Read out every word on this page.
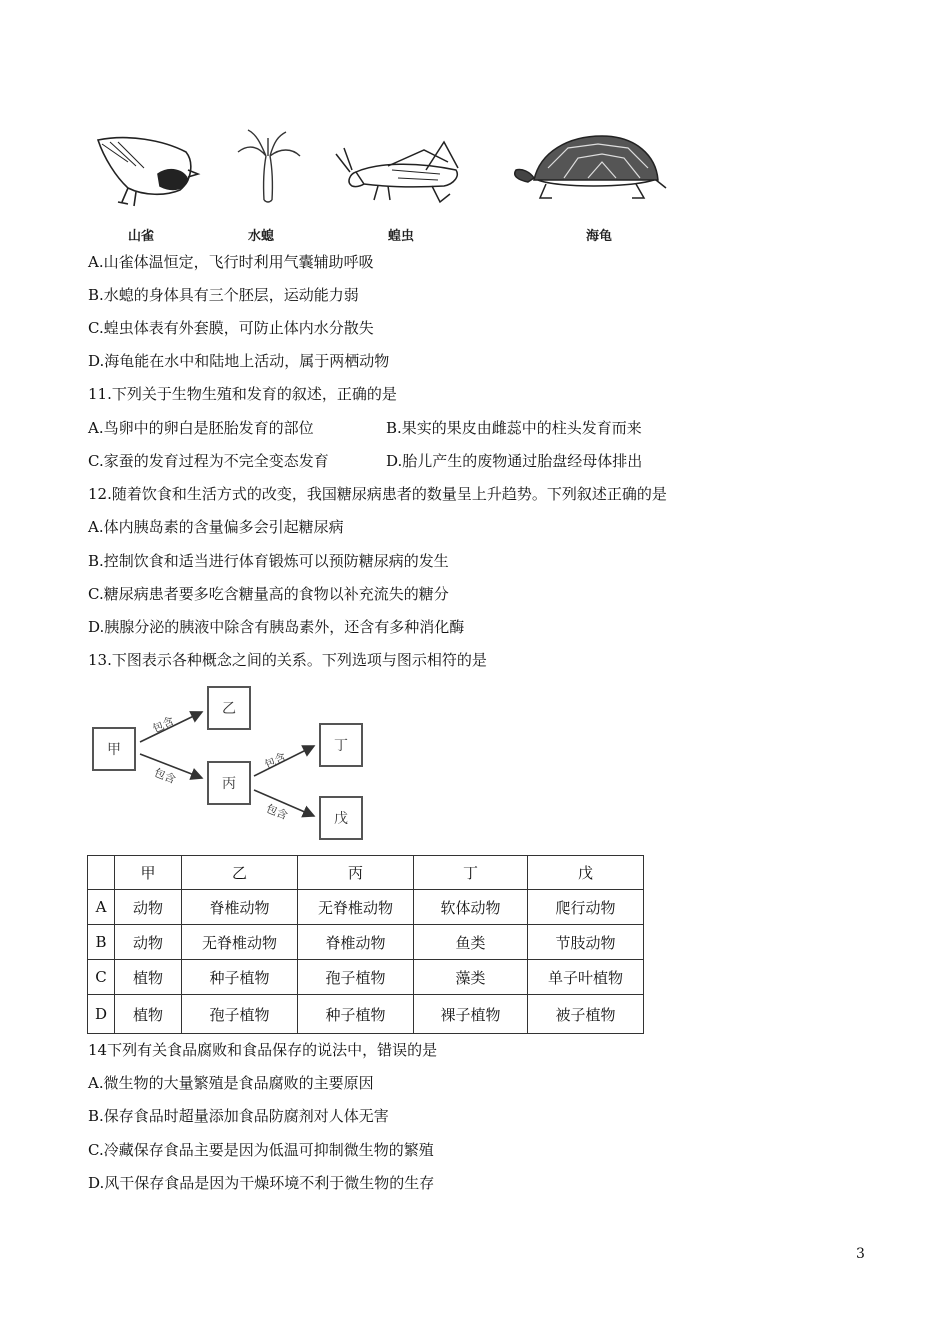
山雀	水螅	蝗虫	海龟
A.山雀体温恒定，飞行时利用气囊辅助呼吸
B.水螅的身体具有三个胚层，运动能力弱
C.蝗虫体表有外套膜，可防止体内水分散失
D.海龟能在水中和陆地上活动，属于两栖动物
11.下列关于生物生殖和发育的叙述，正确的是
A.鸟卵中的卵白是胚胎发育的部位	B.果实的果皮由雌蕊中的柱头发育而来
C.家蚕的发育过程为不完全变态发育	D.胎儿产生的废物通过胎盘经母体排出
12.随着饮食和生活方式的改变，我国糖尿病患者的数量呈上升趋势。下列叙述正确的是
A.体内胰岛素的含量偏多会引起糖尿病
B.控制饮食和适当进行体育锻炼可以预防糖尿病的发生
C.糖尿病患者要多吃含糖量高的食物以补充流失的糖分
D.胰腺分泌的胰液中除含有胰岛素外，还含有多种消化酶
13.下图表示各种概念之间的关系。下列选项与图示相符的是
甲
乙
丙
丁
戊
包含
包含
包含
包含
	甲	乙	丙	丁	戊
A	动物	脊椎动物	无脊椎动物	软体动物	爬行动物
B	动物	无脊椎动物	脊椎动物	鱼类	节肢动物
C	植物	种子植物	孢子植物	藻类	单子叶植物
D	植物	孢子植物	种子植物	裸子植物	被子植物
14下列有关食品腐败和食品保存的说法中，错误的是
A.微生物的大量繁殖是食品腐败的主要原因
B.保存食品时超量添加食品防腐剂对人体无害
C.冷藏保存食品主要是因为低温可抑制微生物的繁殖
D.风干保存食品是因为干燥环境不利于微生物的生存
3
